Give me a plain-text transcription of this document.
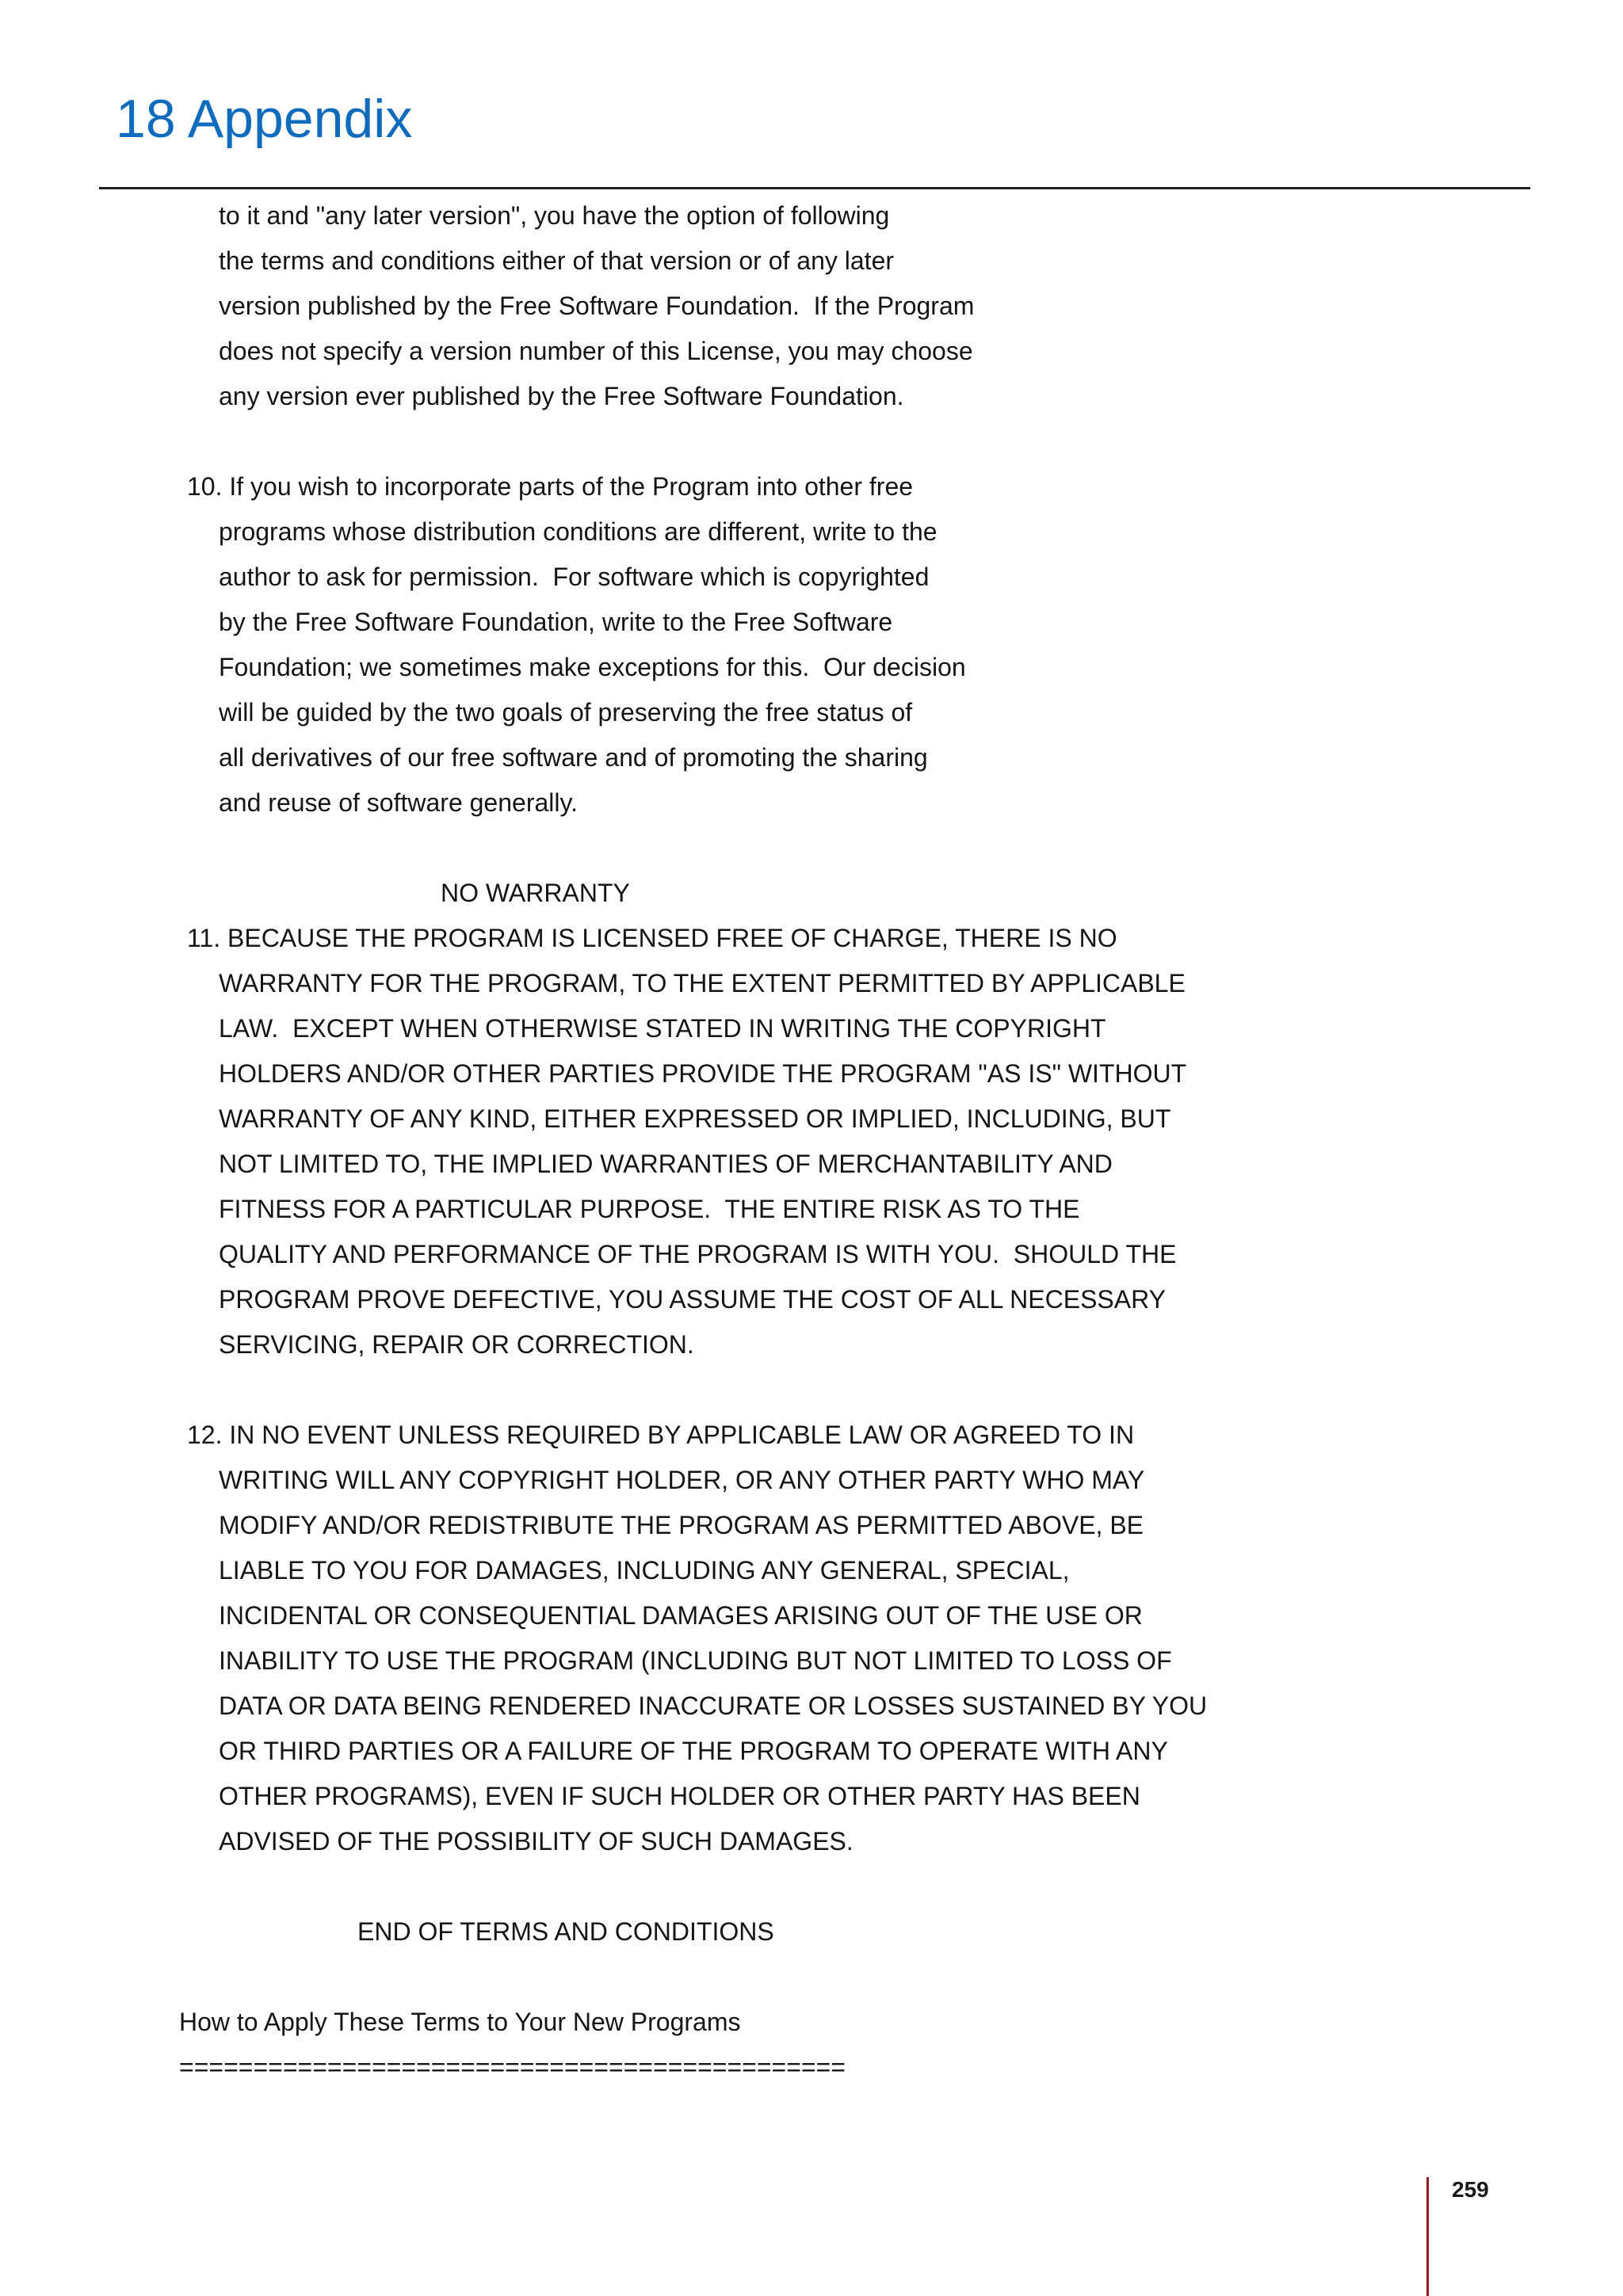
18 Appendix
to it and "any later version", you have the option of following
the terms and conditions either of that version or of any later
version published by the Free Software Foundation.  If the Program
does not specify a version number of this License, you may choose
any version ever published by the Free Software Foundation.
10. If you wish to incorporate parts of the Program into other free
programs whose distribution conditions are different, write to the
author to ask for permission.  For software which is copyrighted
by the Free Software Foundation, write to the Free Software
Foundation; we sometimes make exceptions for this.  Our decision
will be guided by the two goals of preserving the free status of
all derivatives of our free software and of promoting the sharing
and reuse of software generally.
NO WARRANTY
11. BECAUSE THE PROGRAM IS LICENSED FREE OF CHARGE, THERE IS NO
WARRANTY FOR THE PROGRAM, TO THE EXTENT PERMITTED BY APPLICABLE
LAW.  EXCEPT WHEN OTHERWISE STATED IN WRITING THE COPYRIGHT
HOLDERS AND/OR OTHER PARTIES PROVIDE THE PROGRAM "AS IS" WITHOUT
WARRANTY OF ANY KIND, EITHER EXPRESSED OR IMPLIED, INCLUDING, BUT
NOT LIMITED TO, THE IMPLIED WARRANTIES OF MERCHANTABILITY AND
FITNESS FOR A PARTICULAR PURPOSE.  THE ENTIRE RISK AS TO THE
QUALITY AND PERFORMANCE OF THE PROGRAM IS WITH YOU.  SHOULD THE
PROGRAM PROVE DEFECTIVE, YOU ASSUME THE COST OF ALL NECESSARY
SERVICING, REPAIR OR CORRECTION.
12. IN NO EVENT UNLESS REQUIRED BY APPLICABLE LAW OR AGREED TO IN
WRITING WILL ANY COPYRIGHT HOLDER, OR ANY OTHER PARTY WHO MAY
MODIFY AND/OR REDISTRIBUTE THE PROGRAM AS PERMITTED ABOVE, BE
LIABLE TO YOU FOR DAMAGES, INCLUDING ANY GENERAL, SPECIAL,
INCIDENTAL OR CONSEQUENTIAL DAMAGES ARISING OUT OF THE USE OR
INABILITY TO USE THE PROGRAM (INCLUDING BUT NOT LIMITED TO LOSS OF
DATA OR DATA BEING RENDERED INACCURATE OR LOSSES SUSTAINED BY YOU
OR THIRD PARTIES OR A FAILURE OF THE PROGRAM TO OPERATE WITH ANY
OTHER PROGRAMS), EVEN IF SUCH HOLDER OR OTHER PARTY HAS BEEN
ADVISED OF THE POSSIBILITY OF SUCH DAMAGES.
END OF TERMS AND CONDITIONS
How to Apply These Terms to Your New Programs
=============================================
259
